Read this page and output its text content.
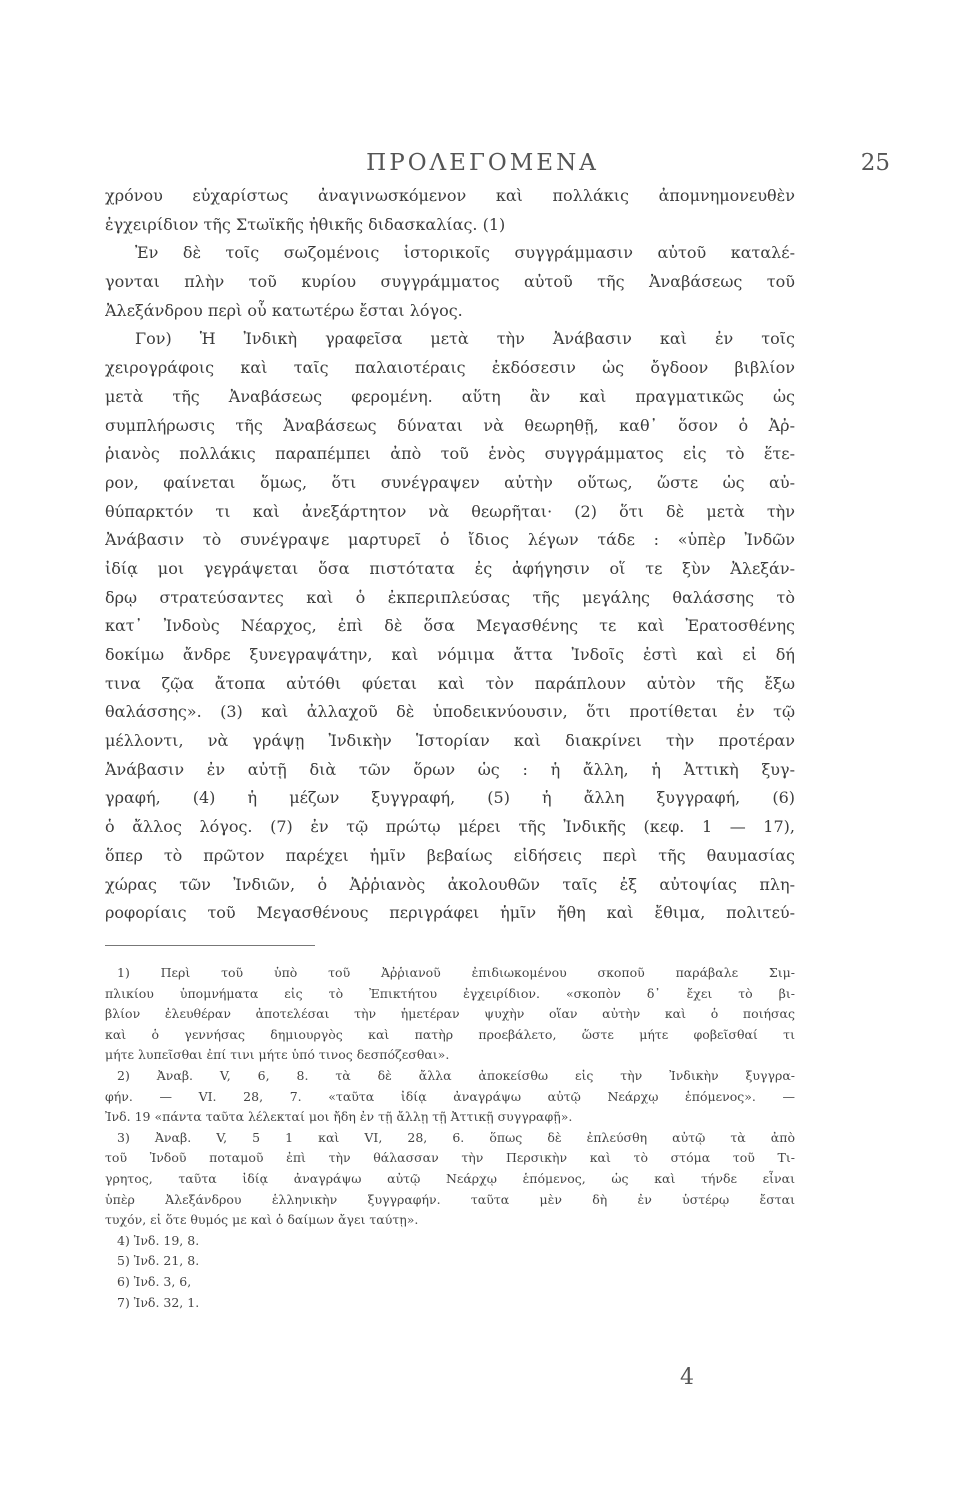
ΠΡΟΛΕΓΟΜΕΝΑ	25
χρόνου εὐχαρίστως ἀναγινωσκόμενον καὶ πολλάκις ἀπομνημονευθὲν
ἐγχειρίδιον τῆς Στωϊκῆς ἠθικῆς διδασκαλίας. (1)
Ἐν δὲ τοῖς σωζομένοις ἱστορικοῖς συγγράμμασιν αὐτοῦ καταλέ-
γονται πλὴν τοῦ κυρίου συγγράμματος αὐτοῦ τῆς Ἀναβάσεως τοῦ
Ἀλεξάνδρου περὶ οὗ κατωτέρω ἔσται λόγος.
Γον) Ἡ Ἰνδικὴ γραφεῖσα μετὰ τὴν Ἀνάβασιν καὶ ἐν τοῖς
χειρογράφοις καὶ ταῖς παλαιοτέραις ἐκδόσεσιν ὡς ὄγδοον βιβλίον
μετὰ τῆς Ἀναβάσεως φερομένη. αὕτη ἂν καὶ πραγματικῶς ὡς
συμπλήρωσις τῆς Ἀναβάσεως δύναται νὰ θεωρηθῇ, καθ᾽ ὅσον ὁ Ἀῤ-
ῥιανὸς πολλάκις παραπέμπει ἀπὸ τοῦ ἑνὸς συγγράμματος εἰς τὸ ἕτε-
ρον, φαίνεται ὅμως, ὅτι συνέγραψεν αὐτὴν οὕτως, ὥστε ὡς αὐ-
θύπαρκτόν τι καὶ ἀνεξάρτητον νὰ θεωρῆται· (2) ὅτι δὲ μετὰ τὴν
Ἀνάβασιν τὸ συνέγραψε μαρτυρεῖ ὁ ἴδιος λέγων τάδε : «ὑπὲρ Ἰνδῶν
ἰδίᾳ μοι γεγράψεται ὅσα πιστότατα ἐς ἀφήγησιν οἵ τε ξὺν Ἀλεξάν-
δρῳ στρατεύσαντες καὶ ὁ ἐκπεριπλεύσας τῆς μεγάλης θαλάσσης τὸ
κατ᾽ Ἰνδοὺς Νέαρχος, ἐπὶ δὲ ὅσα Μεγασθένης τε καὶ Ἐρατοσθένης
δοκίμω ἄνδρε ξυνεγραψάτην, καὶ νόμιμα ἄττα Ἰνδοῖς ἐστὶ καὶ εἰ δή
τινα ζῷα ἄτοπα αὐτόθι φύεται καὶ τὸν παράπλουν αὐτὸν τῆς ἔξω
θαλάσσης». (3) καὶ ἀλλαχοῦ δὲ ὑποδεικνύουσιν, ὅτι προτίθεται ἐν τῷ
μέλλοντι, νὰ γράψῃ Ἰνδικὴν Ἱστορίαν καὶ διακρίνει τὴν προτέραν
Ἀνάβασιν ἐν αὐτῇ διὰ τῶν ὅρων ὡς : ἡ ἄλλη, ἡ Ἀττικὴ ξυγ-
γραφή, (4) ἡ μέζων ξυγγραφή, (5) ἡ ἄλλη ξυγγραφή, (6)
ὁ ἄλλος λόγος. (7) ἐν τῷ πρώτῳ μέρει τῆς Ἰνδικῆς (κεφ. 1 — 17),
ὅπερ τὸ πρῶτον παρέχει ἡμῖν βεβαίως εἰδήσεις περὶ τῆς θαυμασίας
χώρας τῶν Ἰνδιῶν, ὁ Ἀῤῥιανὸς ἀκολουθῶν ταῖς ἐξ αὐτοψίας πλη-
ροφορίαις τοῦ Μεγασθένους περιγράφει ἡμῖν ἤθη καὶ ἔθιμα, πολιτεύ-
1) Περὶ τοῦ ὑπὸ τοῦ Ἀῤῥιανοῦ ἐπιδιωκομένου σκοποῦ παράβαλε Σιμ-
πλικίου ὑπομνήματα εἰς τὸ Ἐπικτήτου ἐγχειρίδιον. «σκοπὸν δ᾽ ἔχει τὸ βι-
βλίον ἐλευθέραν ἀποτελέσαι τὴν ἡμετέραν ψυχὴν οἵαν αὐτὴν καὶ ὁ ποιήσας
καὶ ὁ γεννήσας δημιουργὸς καὶ πατὴρ προεβάλετο, ὥστε μήτε φοβεῖσθαί τι
μήτε λυπεῖσθαι ἐπί τινι μήτε ὑπό τινος δεσπόζεσθαι».
2) Ἀναβ. V, 6, 8. τὰ δὲ ἄλλα ἀποκείσθω εἰς τὴν Ἰνδικὴν ξυγγρα-
φήν. — VI. 28, 7. «ταῦτα ἰδίᾳ ἀναγράψω αὐτῷ Νεάρχῳ ἑπόμενος». —
Ἰνδ. 19 «πάντα ταῦτα λέλεκταί μοι ἤδη ἐν τῇ ἄλλῃ τῇ Ἀττικῇ συγγραφῇ».
3) Ἀναβ. V, 5 1 καὶ VI, 28, 6. ὅπως δὲ ἐπλεύσθη αὐτῷ τὰ ἀπὸ
τοῦ Ἰνδοῦ ποταμοῦ ἐπὶ τὴν θάλασσαν τὴν Περσικὴν καὶ τὸ στόμα τοῦ Τι-
γρητος, ταῦτα ἰδίᾳ ἀναγράψω αὐτῷ Νεάρχῳ ἑπόμενος, ὡς καὶ τήνδε εἶναι
ὑπὲρ Ἀλεξάνδρου ἑλληνικὴν ξυγγραφήν. ταῦτα μὲν δὴ ἐν ὑστέρῳ ἔσται
τυχόν, εἰ ὅτε θυμός με καὶ ὁ δαίμων ἄγει ταύτῃ».
4) Ἰνδ. 19, 8.
5) Ἰνδ. 21, 8.
6) Ἰνδ. 3, 6,
7) Ἰνδ. 32, 1.
4
